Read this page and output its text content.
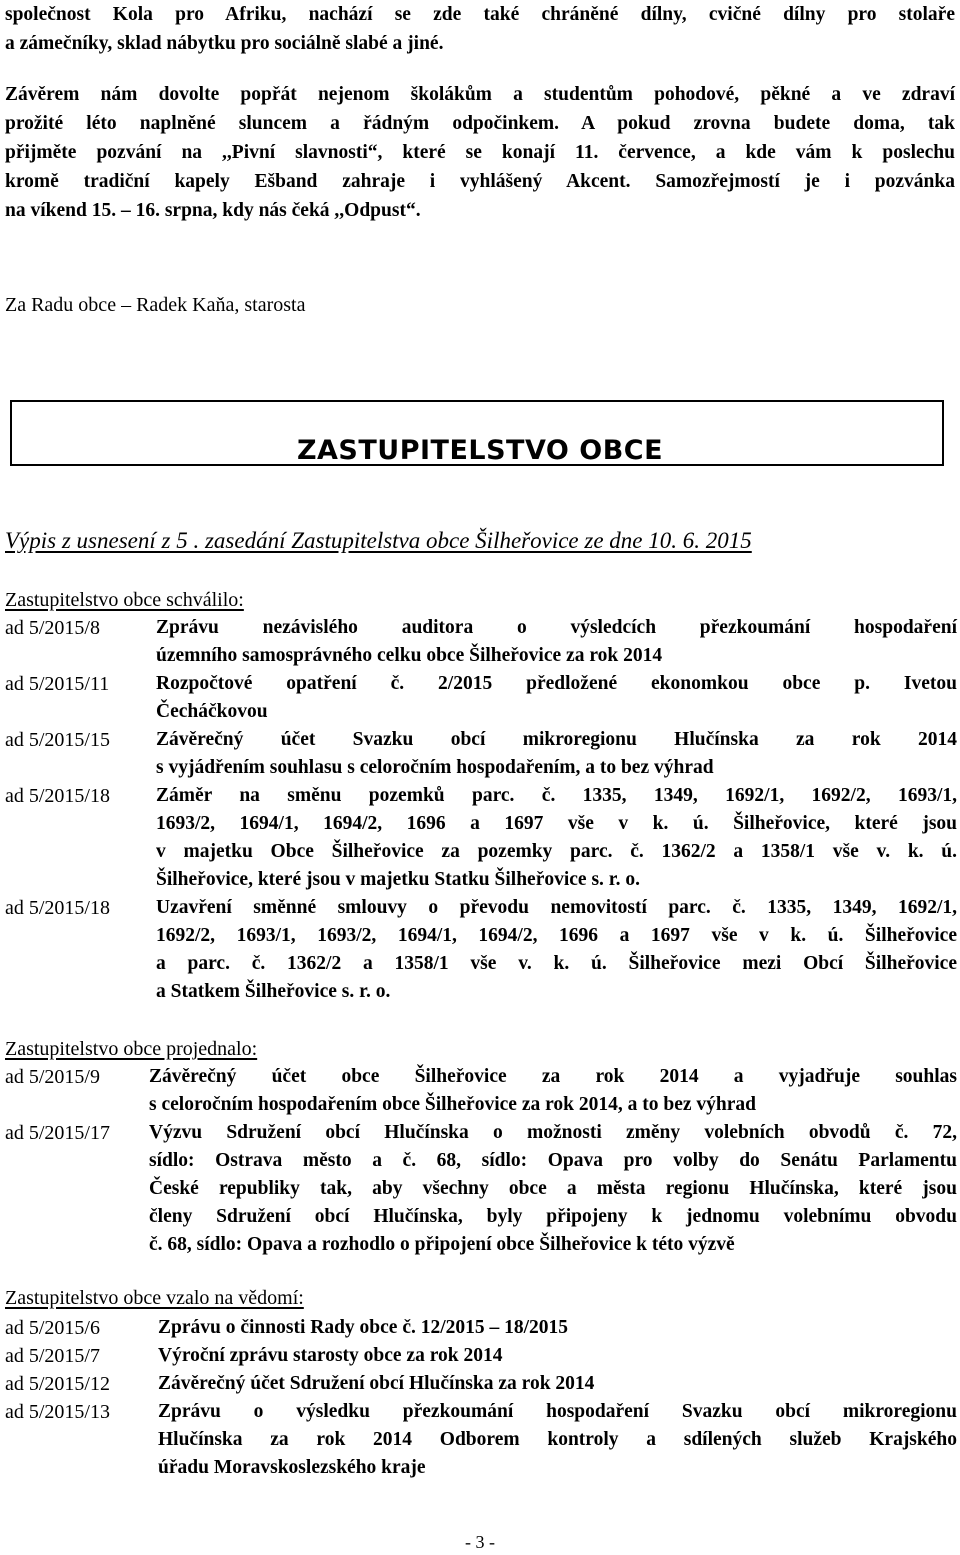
společnost Kola pro Afriku, nachází se zde také chráněné dílny, cvičné dílny pro stolaře
a zámečníky, sklad nábytku pro sociálně slabé a jiné.
Závěrem nám dovolte popřát nejenom školákům a studentům pohodové, pěkné a ve zdraví
prožité léto naplněné sluncem a řádným odpočinkem. A pokud zrovna budete doma, tak
přijměte pozvání na ,,Pivní slavnosti“, které se konají 11. července, a kde vám k poslechu
kromě tradiční kapely Ešband zahraje i vyhlášený Akcent. Samozřejmostí je i pozvánka
na víkend 15. – 16. srpna, kdy nás čeká ,,Odpust“.
Za Radu obce – Radek Kaňa, starosta
ZASTUPITELSTVO OBCE
Výpis z usnesení z 5 . zasedání Zastupitelstva obce Šilheřovice ze dne 10. 6. 2015
Zastupitelstvo obce schválilo:
ad 5/2015/8	Zprávu nezávislého auditora o výsledcích přezkoumání hospodaření
územního samosprávného celku obce Šilheřovice za rok 2014
ad 5/2015/11	Rozpočtové opatření č. 2/2015 předložené ekonomkou obce p. Ivetou
Čecháčkovou
ad 5/2015/15	Závěrečný účet Svazku obcí mikroregionu Hlučínska za rok 2014
s vyjádřením souhlasu s celoročním hospodařením, a to bez výhrad
ad 5/2015/18	Záměr na směnu pozemků parc. č. 1335, 1349, 1692/1, 1692/2, 1693/1,
1693/2, 1694/1, 1694/2, 1696 a 1697 vše v k. ú. Šilheřovice, které jsou
v majetku Obce Šilheřovice za pozemky parc. č. 1362/2 a 1358/1 vše v. k. ú.
Šilheřovice, které jsou v majetku Statku Šilheřovice s. r. o.
ad 5/2015/18	Uzavření směnné smlouvy o převodu nemovitostí parc. č. 1335, 1349, 1692/1,
1692/2, 1693/1, 1693/2, 1694/1, 1694/2, 1696 a 1697 vše v k. ú. Šilheřovice
a parc. č. 1362/2 a 1358/1 vše v. k. ú. Šilheřovice mezi Obcí Šilheřovice
a Statkem Šilheřovice s. r. o.
Zastupitelstvo obce projednalo:
ad 5/2015/9	Závěrečný účet obce Šilheřovice za rok 2014 a vyjadřuje souhlas
s celoročním hospodařením obce Šilheřovice za rok 2014, a to bez výhrad
ad 5/2015/17	Výzvu Sdružení obcí Hlučínska o možnosti změny volebních obvodů č. 72,
sídlo: Ostrava město a č. 68, sídlo: Opava pro volby do Senátu Parlamentu
České republiky tak, aby všechny obce a města regionu Hlučínska, které jsou
členy Sdružení obcí Hlučínska, byly připojeny k jednomu volebnímu obvodu
č. 68, sídlo: Opava a rozhodlo o připojení obce Šilheřovice k této výzvě
Zastupitelstvo obce vzalo na vědomí:
ad 5/2015/6	Zprávu o činnosti Rady obce č. 12/2015 – 18/2015
ad 5/2015/7	Výroční zprávu starosty obce za rok 2014
ad 5/2015/12	Závěrečný účet Sdružení obcí Hlučínska za rok 2014
ad 5/2015/13	Zprávu o výsledku přezkoumání hospodaření Svazku obcí mikroregionu
Hlučínska za rok 2014 Odborem kontroly a sdílených služeb Krajského
úřadu Moravskoslezského kraje
- 3 -
